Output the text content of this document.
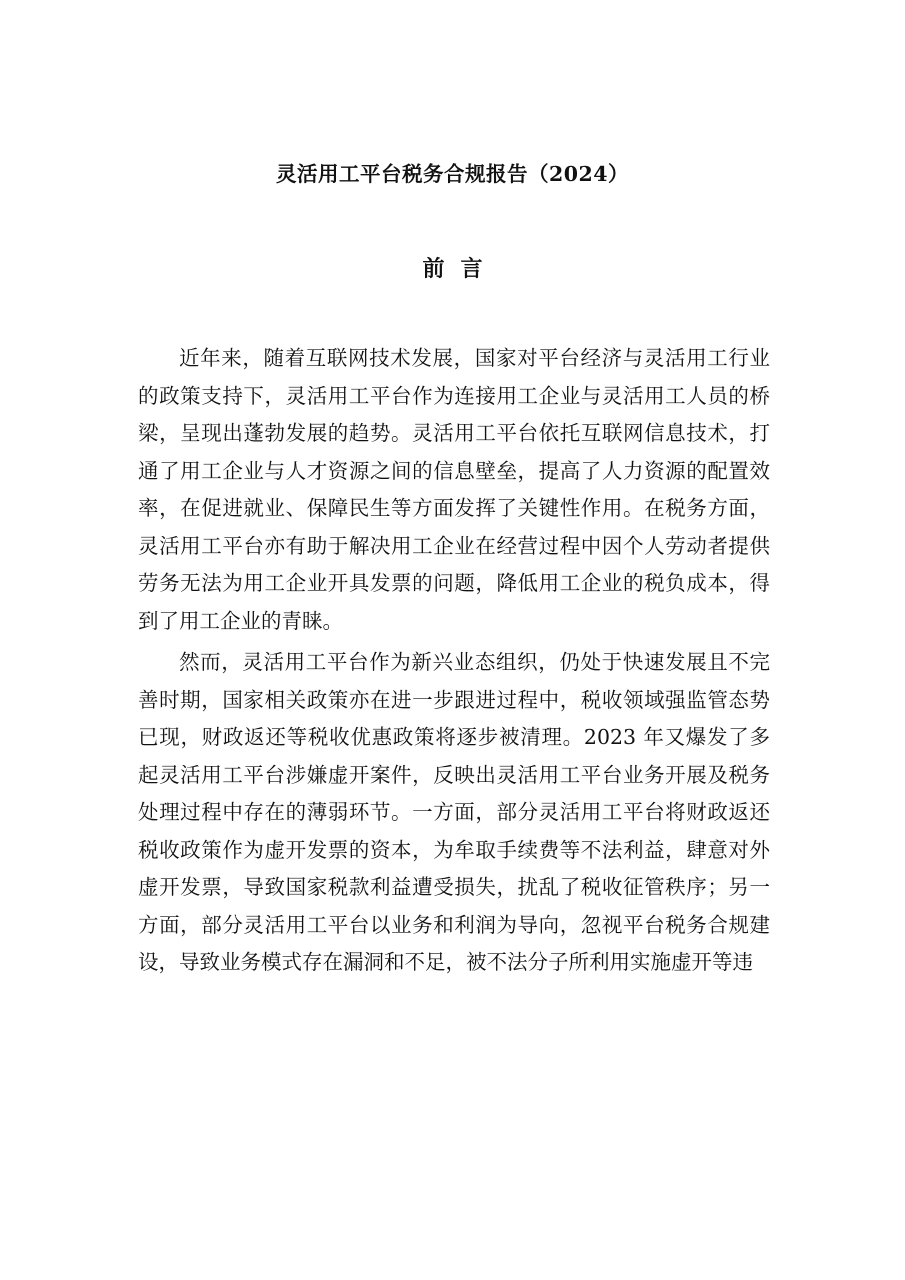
灵活用工平台税务合规报告（2024）
前言

近年来，随着互联网技术发展，国家对平台经济与灵活用工行业的政策支持下，灵活用工平台作为连接用工企业与灵活用工人员的桥梁，呈现出蓬勃发展的趋势。灵活用工平台依托互联网信息技术，打通了用工企业与人才资源之间的信息壁垒，提高了人力资源的配置效率，在促进就业、保障民生等方面发挥了关键性作用。在税务方面，灵活用工平台亦有助于解决用工企业在经营过程中因个人劳动者提供劳务无法为用工企业开具发票的问题，降低用工企业的税负成本，得到了用工企业的青睐。

然而，灵活用工平台作为新兴业态组织，仍处于快速发展且不完善时期，国家相关政策亦在进一步跟进过程中，税收领域强监管态势已现，财政返还等税收优惠政策将逐步被清理。2023 年又爆发了多起灵活用工平台涉嫌虚开案件，反映出灵活用工平台业务开展及税务处理过程中存在的薄弱环节。一方面，部分灵活用工平台将财政返还税收政策作为虚开发票的资本，为牟取手续费等不法利益，肆意对外虚开发票，导致国家税款利益遭受损失，扰乱了税收征管秩序；另一方面，部分灵活用工平台以业务和利润为导向，忽视平台税务合规建设，导致业务模式存在漏洞和不足，被不法分子所利用实施虚开等违
